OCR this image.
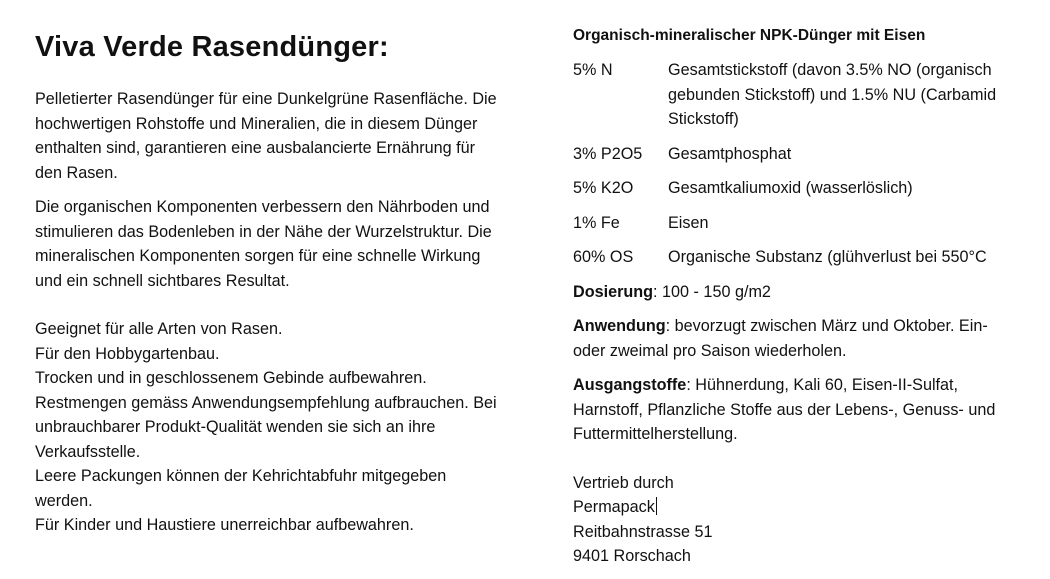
Viva Verde Rasendünger:
Pelletierter Rasendünger für eine Dunkelgrüne Rasenfläche. Die
hochwertigen Rohstoffe und Mineralien, die in diesem Dünger
enthalten sind, garantieren eine ausbalancierte Ernährung für
den Rasen.
Die organischen Komponenten verbessern den Nährboden und
stimulieren das Bodenleben in der Nähe der Wurzelstruktur. Die
mineralischen Komponenten sorgen für eine schnelle Wirkung
und ein schnell sichtbares Resultat.
Geeignet für alle Arten von Rasen.
Für den Hobbygartenbau.
Trocken und in geschlossenem Gebinde aufbewahren.
Restmengen gemäss Anwendungsempfehlung aufbrauchen. Bei
unbrauchbarer Produkt-Qualität wenden sie sich an ihre
Verkaufsstelle.
Leere Packungen können der Kehrichtabfuhr mitgegeben
werden.
Für Kinder und Haustiere unerreichbar aufbewahren.
Organisch-mineralischer NPK-Dünger mit Eisen
5% N	Gesamtstickstoff (davon 3.5% NO (organisch
gebunden Stickstoff) und 1.5% NU (Carbamid
Stickstoff)
3% P2O5	Gesamtphosphat
5% K2O	Gesamtkaliumoxid (wasserlöslich)
1% Fe	Eisen
60% OS	Organische Substanz (glühverlust bei 550°C
Dosierung: 100 - 150 g/m2
Anwendung: bevorzugt zwischen März und Oktober. Ein-
oder zweimal pro Saison wiederholen.
Ausgangstoffe: Hühnerdung, Kali 60, Eisen-II-Sulfat,
Harnstoff, Pflanzliche Stoffe aus der Lebens-, Genuss- und
Futtermittelherstellung.
Vertrieb durch
Permapack
Reitbahnstrasse 51
9401 Rorschach
